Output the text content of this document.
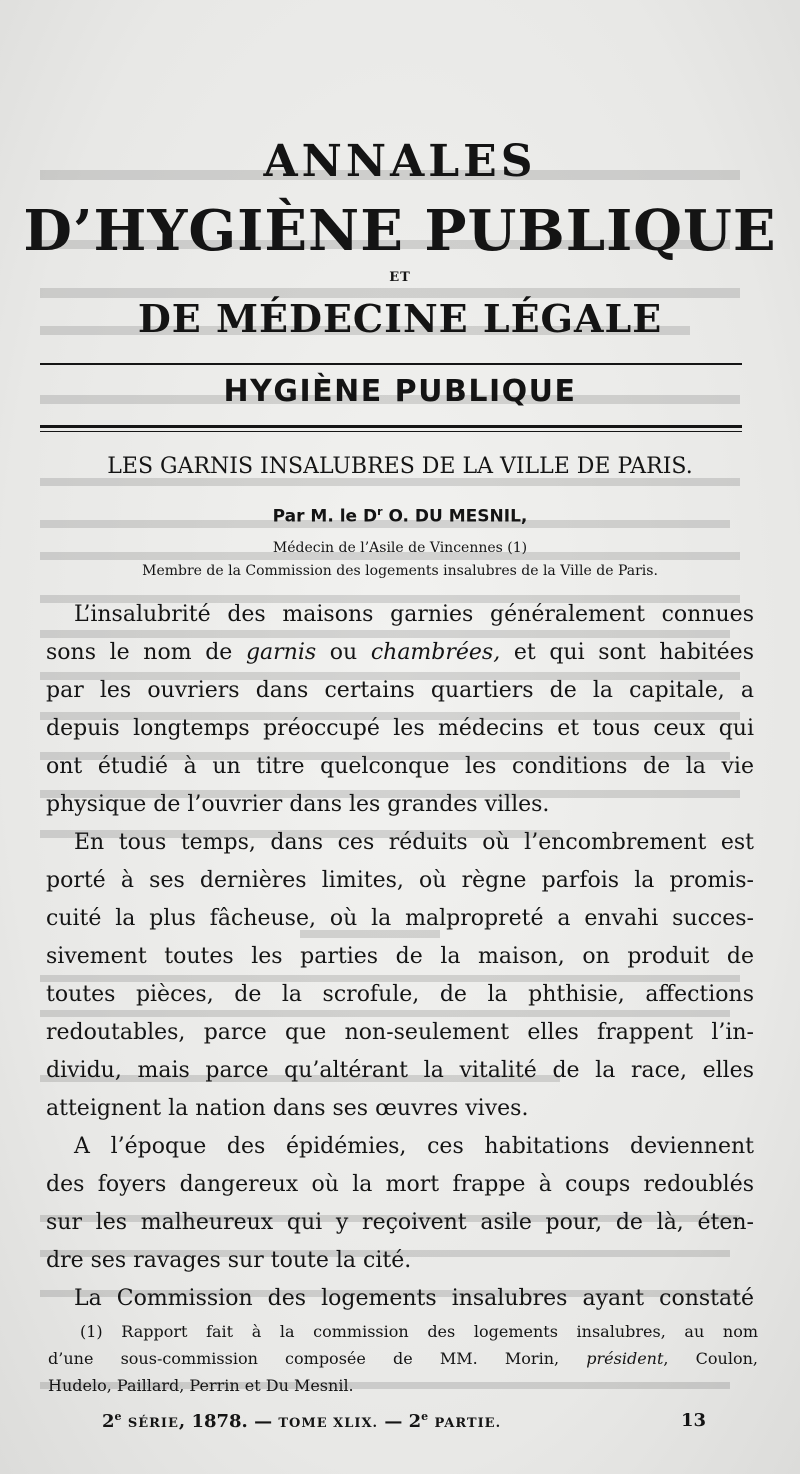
ANNALES
D’HYGIÈNE PUBLIQUE
ET
DE MÉDECINE LÉGALE
HYGIÈNE PUBLIQUE
LES GARNIS INSALUBRES DE LA VILLE DE PARIS.
Par M. le $D^r$ O. DU MESNIL,
Médecin de l’Asile de Vincennes (1)
Membre de la Commission des logements insalubres de la Ville de Paris.
L’insalubrité des maisons garnies généralement connues
sons le nom de garnis ou chambrées, et qui sont habitées
par les ouvriers dans certains quartiers de la capitale, a
depuis longtemps préoccupé les médecins et tous ceux qui
ont étudié à un titre quelconque les conditions de la vie
physique de l’ouvrier dans les grandes villes.
En tous temps, dans ces réduits où l’encombrement est
porté à ses dernières limites, où règne parfois la promis-
cuité la plus fâcheuse, où la malpropreté a envahi succes-
sivement toutes les parties de la maison, on produit de
toutes pièces, de la scrofule, de la phthisie, affections
redoutables, parce que non-seulement elles frappent l’in-
dividu, mais parce qu’altérant la vitalité de la race, elles
atteignent la nation dans ses œuvres vives.
A l’époque des épidémies, ces habitations deviennent
des foyers dangereux où la mort frappe à coups redoublés
sur les malheureux qui y reçoivent asile pour, de là, éten-
dre ses ravages sur toute la cité.
La Commission des logements insalubres ayant constaté
(1) Rapport fait à la commission des logements insalubres, au nom
d’une sous-commission composée de MM. Morin, président, Coulon,
Hudelo, Paillard, Perrin et Du Mesnil.
2e SÉRIE, 1878. — TOME XLIX. — 2e PARTIE.	13
